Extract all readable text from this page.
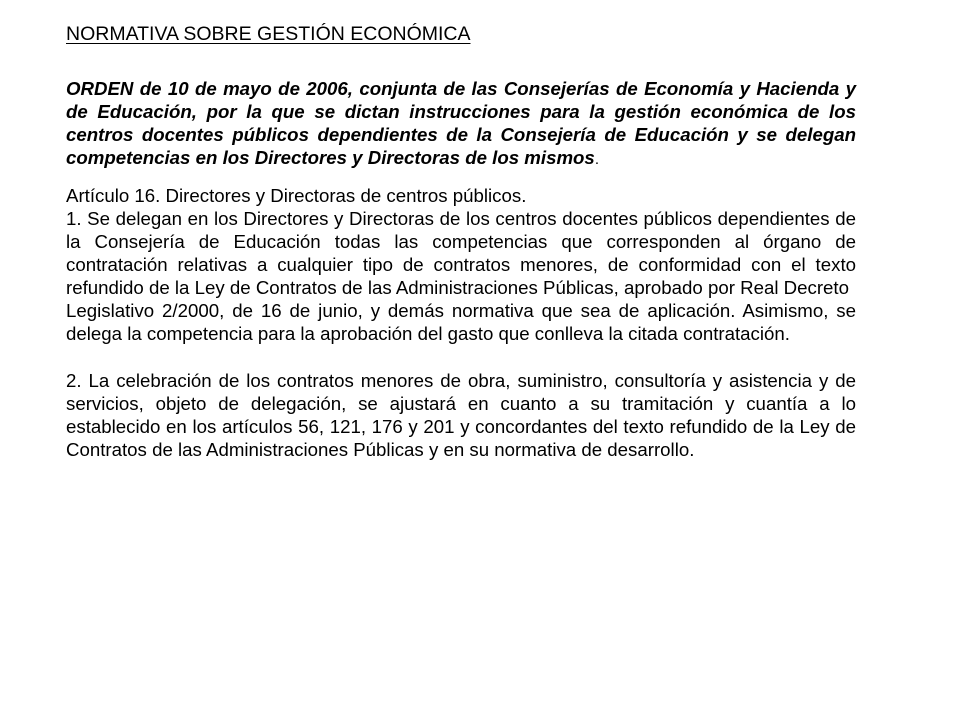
NORMATIVA SOBRE GESTIÓN ECONÓMICA

ORDEN de 10 de mayo de 2006, conjunta de las Consejerías de Economía y Hacienda y de Educación, por la que se dictan instrucciones para la gestión económica de los centros docentes públicos dependientes de la Consejería de Educación y se delegan competencias en los Directores y Directoras de los mismos.

Artículo 16. Directores y Directoras de centros públicos.

1. Se delegan en los Directores y Directoras de los centros docentes públicos dependientes de la Consejería de Educación todas las competencias que corresponden al órgano de contratación relativas a cualquier tipo de contratos menores, de conformidad con el texto refundido de la Ley de Contratos de las Administraciones Públicas, aprobado por Real Decreto
Legislativo 2/2000, de 16 de junio, y demás normativa que sea de aplicación. Asimismo, se delega la competencia para la aprobación del gasto que conlleva la citada contratación.

2. La celebración de los contratos menores de obra, suministro, consultoría y asistencia y de servicios, objeto de delegación, se ajustará en cuanto a su tramitación y cuantía a lo establecido en los artículos 56, 121, 176 y 201 y concordantes del texto refundido de la Ley de Contratos de las Administraciones Públicas y en su normativa de desarrollo.
